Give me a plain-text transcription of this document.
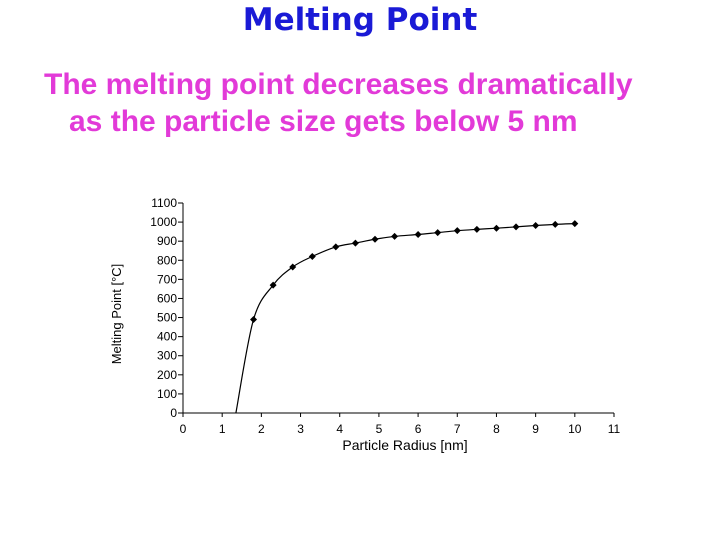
Melting Point
The melting point decreases dramatically
as the particle size gets below 5 nm
0	1	2	3	4	5	6	7	8	9 10 11
0
100
200
300
400
500
600
700
800
900
1000
1100
Particle Radius [nm]
Melting Point [°C]
